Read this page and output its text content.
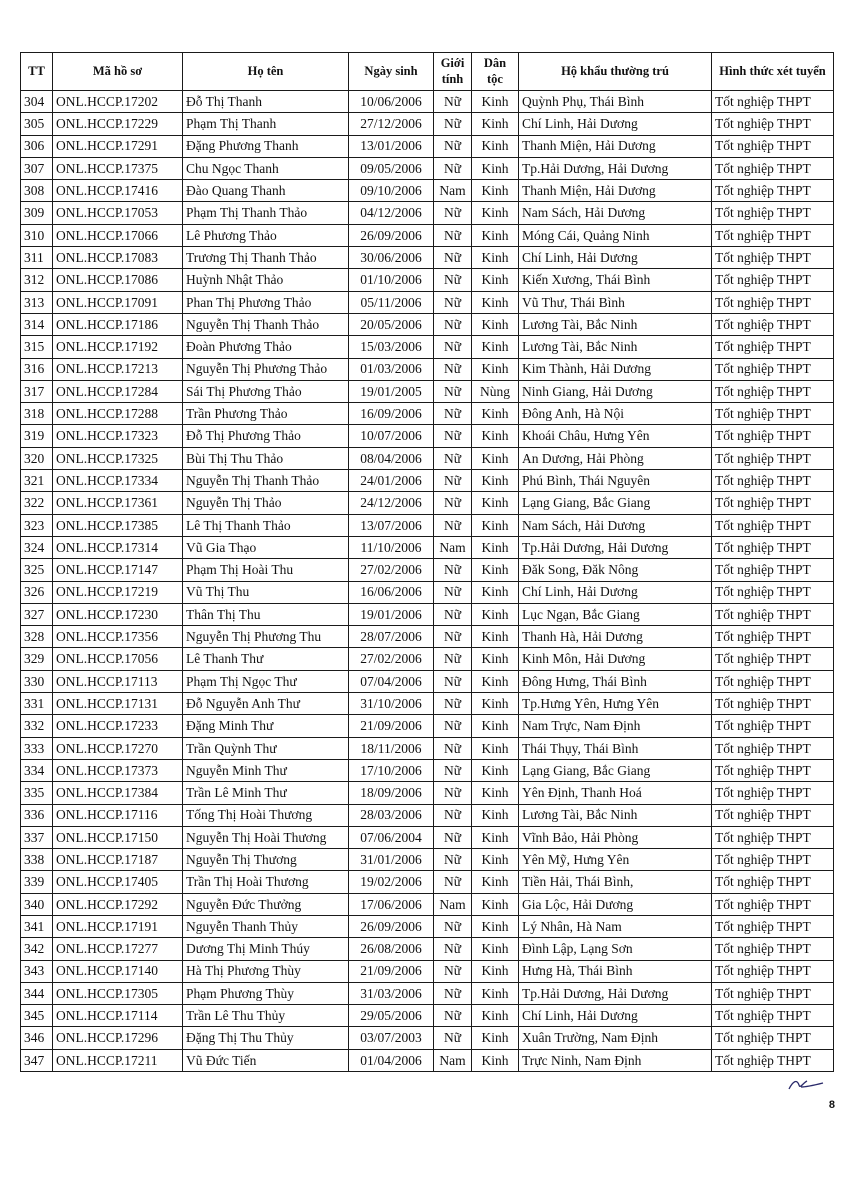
TT	Mã hồ sơ	Họ tên	Ngày sinh	Giới tính	Dân tộc	Hộ khẩu thường trú	Hình thức xét tuyển
304	ONL.HCCP.17202	Đỗ Thị Thanh	10/06/2006	Nữ	Kinh	Quỳnh Phụ, Thái Bình	Tốt nghiệp THPT
305	ONL.HCCP.17229	Phạm Thị Thanh	27/12/2006	Nữ	Kinh	Chí Linh, Hải Dương	Tốt nghiệp THPT
306	ONL.HCCP.17291	Đặng Phương Thanh	13/01/2006	Nữ	Kinh	Thanh Miện, Hải Dương	Tốt nghiệp THPT
307	ONL.HCCP.17375	Chu Ngọc Thanh	09/05/2006	Nữ	Kinh	Tp.Hải Dương, Hải Dương	Tốt nghiệp THPT
308	ONL.HCCP.17416	Đào Quang Thanh	09/10/2006	Nam	Kinh	Thanh Miện, Hải Dương	Tốt nghiệp THPT
309	ONL.HCCP.17053	Phạm Thị Thanh Thảo	04/12/2006	Nữ	Kinh	Nam Sách, Hải Dương	Tốt nghiệp THPT
310	ONL.HCCP.17066	Lê Phương Thảo	26/09/2006	Nữ	Kinh	Móng Cái, Quảng Ninh	Tốt nghiệp THPT
311	ONL.HCCP.17083	Trương Thị Thanh Thảo	30/06/2006	Nữ	Kinh	Chí Linh, Hải Dương	Tốt nghiệp THPT
312	ONL.HCCP.17086	Huỳnh Nhật Thảo	01/10/2006	Nữ	Kinh	Kiến Xương, Thái Bình	Tốt nghiệp THPT
313	ONL.HCCP.17091	Phan Thị Phương Thảo	05/11/2006	Nữ	Kinh	Vũ Thư, Thái Bình	Tốt nghiệp THPT
314	ONL.HCCP.17186	Nguyễn Thị Thanh Thảo	20/05/2006	Nữ	Kinh	Lương Tài, Bắc Ninh	Tốt nghiệp THPT
315	ONL.HCCP.17192	Đoàn Phương Thảo	15/03/2006	Nữ	Kinh	Lương Tài, Bắc Ninh	Tốt nghiệp THPT
316	ONL.HCCP.17213	Nguyễn Thị Phương Thảo	01/03/2006	Nữ	Kinh	Kim Thành, Hải Dương	Tốt nghiệp THPT
317	ONL.HCCP.17284	Sái Thị Phương Thảo	19/01/2005	Nữ	Nùng	Ninh Giang, Hải Dương	Tốt nghiệp THPT
318	ONL.HCCP.17288	Trần Phương Thảo	16/09/2006	Nữ	Kinh	Đông Anh, Hà Nội	Tốt nghiệp THPT
319	ONL.HCCP.17323	Đỗ Thị Phương Thảo	10/07/2006	Nữ	Kinh	Khoái Châu, Hưng Yên	Tốt nghiệp THPT
320	ONL.HCCP.17325	Bùi Thị Thu Thảo	08/04/2006	Nữ	Kinh	An Dương, Hải Phòng	Tốt nghiệp THPT
321	ONL.HCCP.17334	Nguyễn Thị Thanh Thảo	24/01/2006	Nữ	Kinh	Phú Bình, Thái Nguyên	Tốt nghiệp THPT
322	ONL.HCCP.17361	Nguyễn Thị Thảo	24/12/2006	Nữ	Kinh	Lạng Giang, Bắc Giang	Tốt nghiệp THPT
323	ONL.HCCP.17385	Lê Thị Thanh Thảo	13/07/2006	Nữ	Kinh	Nam Sách, Hải Dương	Tốt nghiệp THPT
324	ONL.HCCP.17314	Vũ Gia Thạo	11/10/2006	Nam	Kinh	Tp.Hải Dương, Hải Dương	Tốt nghiệp THPT
325	ONL.HCCP.17147	Phạm Thị Hoài Thu	27/02/2006	Nữ	Kinh	Đăk Song, Đăk Nông	Tốt nghiệp THPT
326	ONL.HCCP.17219	Vũ Thị Thu	16/06/2006	Nữ	Kinh	Chí Linh, Hải Dương	Tốt nghiệp THPT
327	ONL.HCCP.17230	Thân Thị Thu	19/01/2006	Nữ	Kinh	Lục Ngạn, Bắc Giang	Tốt nghiệp THPT
328	ONL.HCCP.17356	Nguyễn Thị Phương Thu	28/07/2006	Nữ	Kinh	Thanh Hà, Hải Dương	Tốt nghiệp THPT
329	ONL.HCCP.17056	Lê Thanh Thư	27/02/2006	Nữ	Kinh	Kinh Môn, Hải Dương	Tốt nghiệp THPT
330	ONL.HCCP.17113	Phạm Thị Ngọc Thư	07/04/2006	Nữ	Kinh	Đông Hưng, Thái Bình	Tốt nghiệp THPT
331	ONL.HCCP.17131	Đỗ Nguyễn Anh Thư	31/10/2006	Nữ	Kinh	Tp.Hưng Yên, Hưng Yên	Tốt nghiệp THPT
332	ONL.HCCP.17233	Đặng Minh Thư	21/09/2006	Nữ	Kinh	Nam Trực, Nam Định	Tốt nghiệp THPT
333	ONL.HCCP.17270	Trần Quỳnh Thư	18/11/2006	Nữ	Kinh	Thái Thụy, Thái Bình	Tốt nghiệp THPT
334	ONL.HCCP.17373	Nguyễn Minh Thư	17/10/2006	Nữ	Kinh	Lạng Giang, Bắc Giang	Tốt nghiệp THPT
335	ONL.HCCP.17384	Trần Lê Minh Thư	18/09/2006	Nữ	Kinh	Yên Định, Thanh Hoá	Tốt nghiệp THPT
336	ONL.HCCP.17116	Tống Thị Hoài Thương	28/03/2006	Nữ	Kinh	Lương Tài, Bắc Ninh	Tốt nghiệp THPT
337	ONL.HCCP.17150	Nguyễn Thị Hoài Thương	07/06/2004	Nữ	Kinh	Vĩnh Bảo, Hải Phòng	Tốt nghiệp THPT
338	ONL.HCCP.17187	Nguyễn Thị Thương	31/01/2006	Nữ	Kinh	Yên Mỹ, Hưng Yên	Tốt nghiệp THPT
339	ONL.HCCP.17405	Trần Thị Hoài Thương	19/02/2006	Nữ	Kinh	Tiền Hải, Thái Bình,	Tốt nghiệp THPT
340	ONL.HCCP.17292	Nguyễn Đức Thưởng	17/06/2006	Nam	Kinh	Gia Lộc, Hải Dương	Tốt nghiệp THPT
341	ONL.HCCP.17191	Nguyễn Thanh Thủy	26/09/2006	Nữ	Kinh	Lý Nhân, Hà Nam	Tốt nghiệp THPT
342	ONL.HCCP.17277	Dương Thị Minh Thúy	26/08/2006	Nữ	Kinh	Đình Lập, Lạng Sơn	Tốt nghiệp THPT
343	ONL.HCCP.17140	Hà Thị Phương Thùy	21/09/2006	Nữ	Kinh	Hưng Hà, Thái Bình	Tốt nghiệp THPT
344	ONL.HCCP.17305	Phạm Phương Thùy	31/03/2006	Nữ	Kinh	Tp.Hải Dương, Hải Dương	Tốt nghiệp THPT
345	ONL.HCCP.17114	Trần Lê Thu Thủy	29/05/2006	Nữ	Kinh	Chí Linh, Hải Dương	Tốt nghiệp THPT
346	ONL.HCCP.17296	Đặng Thị Thu Thủy	03/07/2003	Nữ	Kinh	Xuân Trường, Nam Định	Tốt nghiệp THPT
347	ONL.HCCP.17211	Vũ Đức Tiến	01/04/2006	Nam	Kinh	Trực Ninh, Nam Định	Tốt nghiệp THPT
8
